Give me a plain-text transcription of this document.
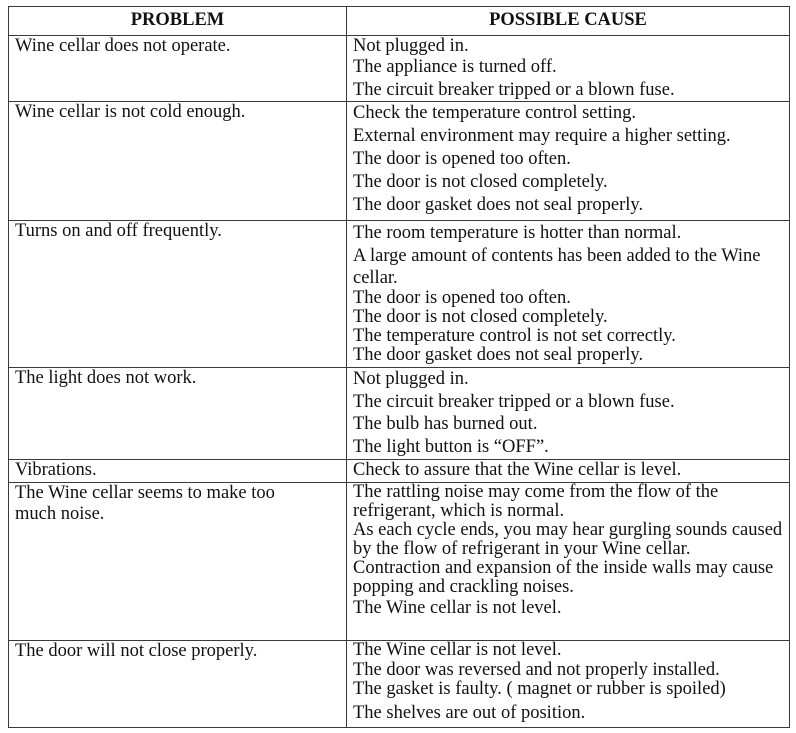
PROBLEM	POSSIBLE CAUSE
Wine cellar does not operate.	Not plugged in.
The appliance is turned off.
The circuit breaker tripped or a blown fuse.

Wine cellar is not cold enough.	Check the temperature control setting.
External environment may require a higher setting.
The door is opened too often.
The door is not closed completely.
The door gasket does not seal properly.

Turns on and off frequently.	The room temperature is hotter than normal.
A large amount of contents has been added to the Wine cellar.
The door is opened too often.
The door is not closed completely.
The temperature control is not set correctly.
The door gasket does not seal properly.

The light does not work.	Not plugged in.
The circuit breaker tripped or a blown fuse.
The bulb has burned out.
The light button is “OFF”.

Vibrations.	Check to assure that the Wine cellar is level.

The Wine cellar seems to make too much noise.	The rattling noise may come from the flow of the refrigerant, which is normal.
As each cycle ends, you may hear gurgling sounds caused by the flow of refrigerant in your Wine cellar.
Contraction and expansion of the inside walls may cause popping and crackling noises.
The Wine cellar is not level.

The door will not close properly.	The Wine cellar is not level.
The door was reversed and not properly installed.
The gasket is faulty. ( magnet or rubber is spoiled)
The shelves are out of position.
